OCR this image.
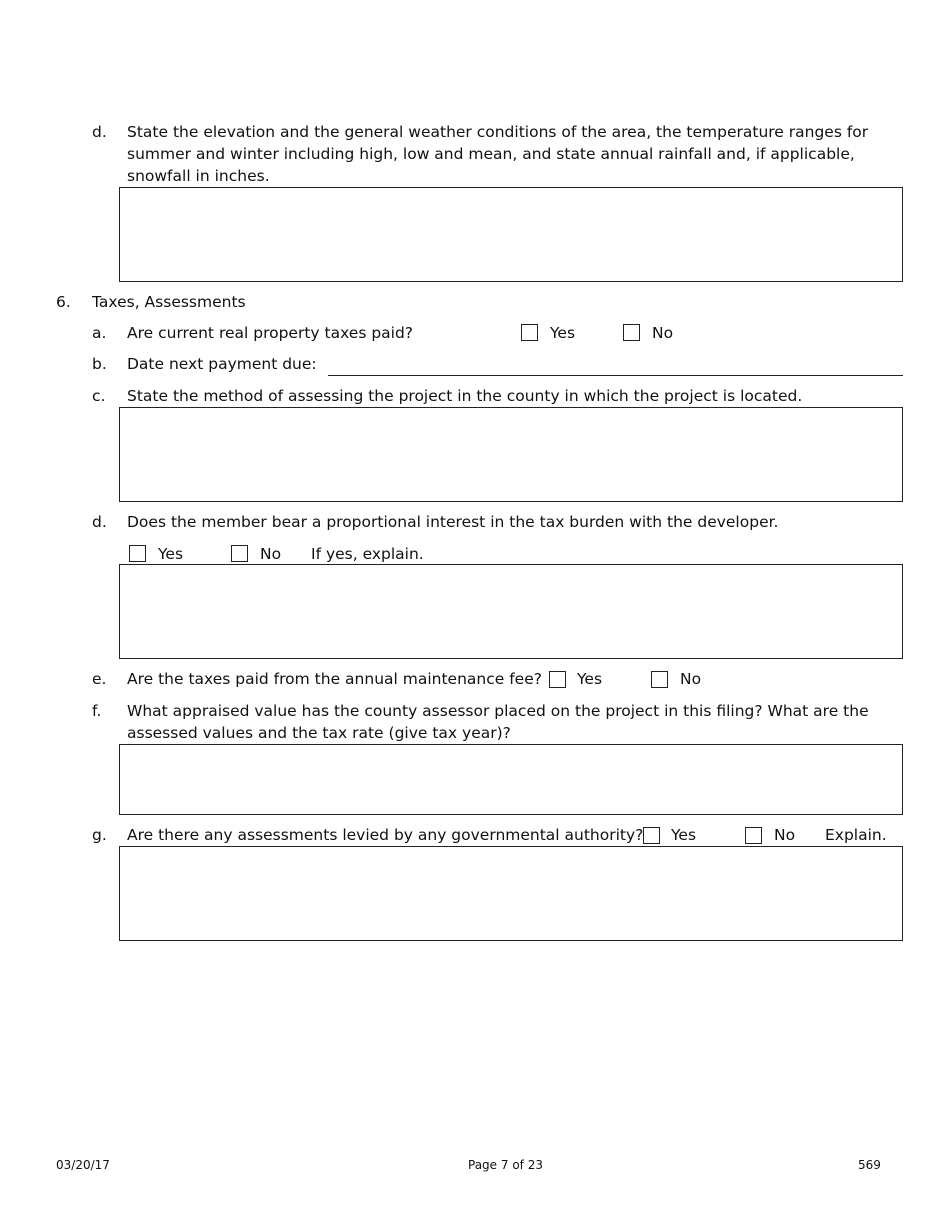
d. State the elevation and the general weather conditions of the area, the temperature ranges for summer and winter including high, low and mean, and state annual rainfall and, if applicable, snowfall in inches.
6. Taxes, Assessments
a. Are current real property taxes paid?	Yes	No
b. Date next payment due:
c. State the method of assessing the project in the county in which the project is located.
d. Does the member bear a proportional interest in the tax burden with the developer.
Yes	No If yes, explain.
e. Are the taxes paid from the annual maintenance fee? Yes	No
f. What appraised value has the county assessor placed on the project in this filing? What are the assessed values and the tax rate (give tax year)?
g. Are there any assessments levied by any governmental authority? Yes	No Explain.
03/20/17	Page 7 of 23	569
